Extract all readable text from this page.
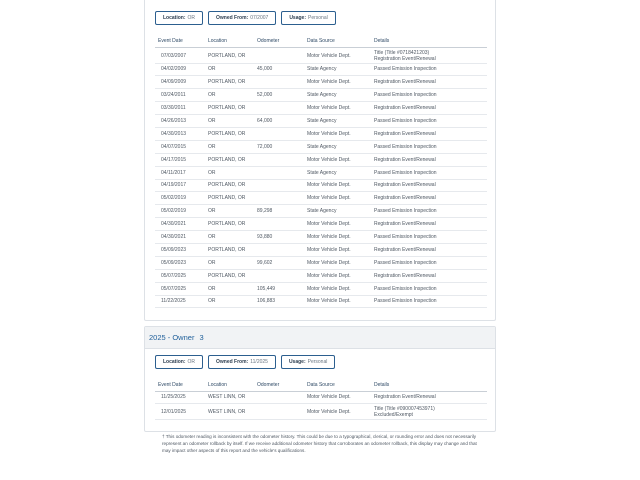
Location: OR	Owned From: 07/2007	Usage: Personal
Event Date	Location	Odometer	Data Source	Details
07/03/2007	PORTLAND, OR		Motor Vehicle Dept.	Title (Title #0718421203)
Registration Event/Renewal

04/02/2009	OR	45,000	State Agency	Passed Emission Inspection

04/09/2009	PORTLAND, OR		Motor Vehicle Dept.	Registration Event/Renewal

03/24/2011	OR	52,000	State Agency	Passed Emission Inspection

03/30/2011	PORTLAND, OR		Motor Vehicle Dept.	Registration Event/Renewal

04/26/2013	OR	64,000	State Agency	Passed Emission Inspection

04/30/2013	PORTLAND, OR		Motor Vehicle Dept.	Registration Event/Renewal

04/07/2015	OR	72,000	State Agency	Passed Emission Inspection

04/17/2015	PORTLAND, OR		Motor Vehicle Dept.	Registration Event/Renewal

04/11/2017	OR		State Agency	Passed Emission Inspection

04/19/2017	PORTLAND, OR		Motor Vehicle Dept.	Registration Event/Renewal

05/02/2019	PORTLAND, OR		Motor Vehicle Dept.	Registration Event/Renewal

05/02/2019	OR	89,298	State Agency	Passed Emission Inspection

04/30/2021	PORTLAND, OR		Motor Vehicle Dept.	Registration Event/Renewal

04/30/2021	OR	93,880	Motor Vehicle Dept.	Passed Emission Inspection

05/09/2023	PORTLAND, OR		Motor Vehicle Dept.	Registration Event/Renewal

05/09/2023	OR	99,602	Motor Vehicle Dept.	Passed Emission Inspection

05/07/2025	PORTLAND, OR		Motor Vehicle Dept.	Registration Event/Renewal

05/07/2025	OR	105,449	Motor Vehicle Dept.	Passed Emission Inspection

11/22/2025	OR	106,883	Motor Vehicle Dept.	Passed Emission Inspection
2025 - Owner 3
Location: OR	Owned From: 11/2025	Usage: Personal
Event Date	Location	Odometer	Data Source	Details
11/25/2025	WEST LINN, OR		Motor Vehicle Dept.	Registration Event/Renewal

12/01/2025	WEST LINN, OR		Motor Vehicle Dept.	Title (Title #090007453971)
Excluded/Exempt

† This odometer reading is inconsistent with the odometer history. This could be due to a typographical, clerical, or rounding error and does not necessarily represent an odometer rollback by itself. If we receive additional odometer history that corroborates an odometer rollback, this display may change and that may impact other aspects of this report and the vehicle's qualifications.
